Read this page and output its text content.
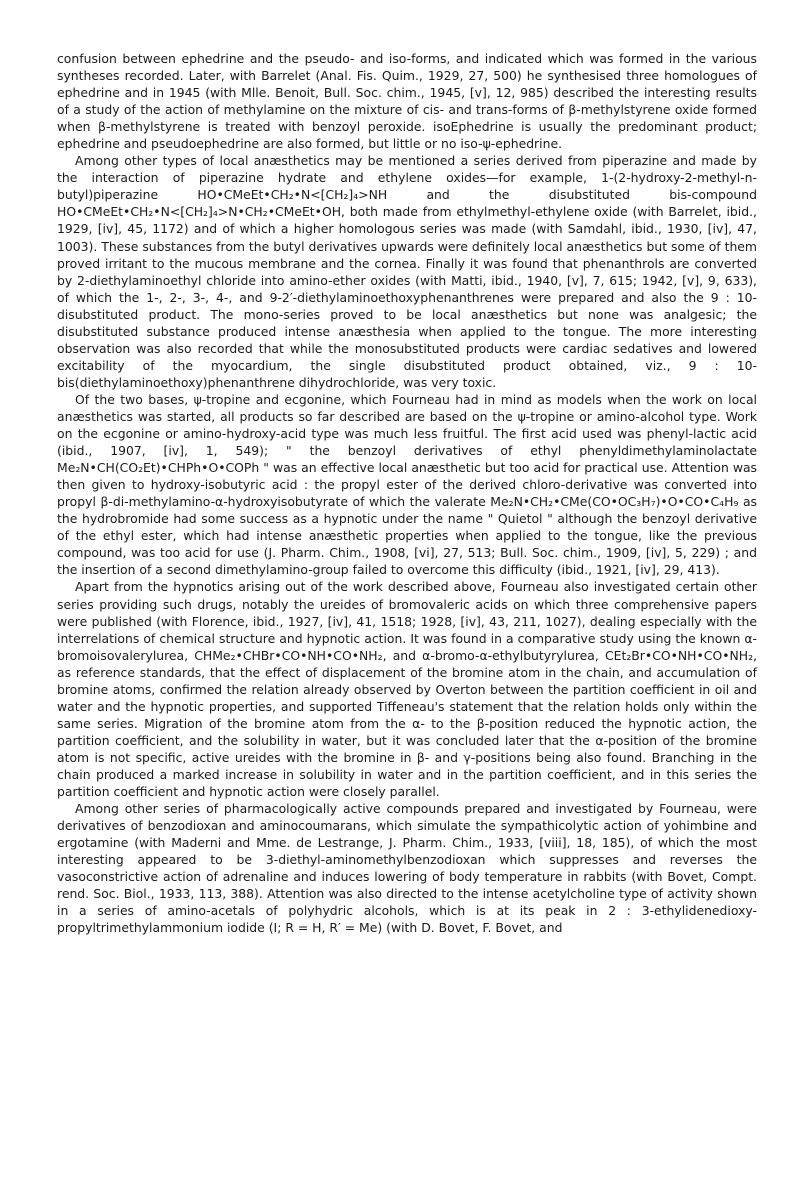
confusion between ephedrine and the pseudo- and iso-forms, and indicated which was formed in the various syntheses recorded. Later, with Barrelet (Anal. Fis. Quim., 1929, 27, 500) he synthesised three homologues of ephedrine and in 1945 (with Mlle. Benoit, Bull. Soc. chim., 1945, [v], 12, 985) described the interesting results of a study of the action of methylamine on the mixture of cis- and trans-forms of β-methylstyrene oxide formed when β-methylstyrene is treated with benzoyl peroxide. isoEphedrine is usually the predominant product; ephedrine and pseudoephedrine are also formed, but little or no iso-ψ-ephedrine.

Among other types of local anæsthetics may be mentioned a series derived from piperazine and made by the interaction of piperazine hydrate and ethylene oxides—for example, 1-(2-hydroxy-2-methyl-n-butyl)piperazine HO•CMeEt•CH₂•N<[CH₂]₄>NH and the disubstituted bis-compound HO•CMeEt•CH₂•N<[CH₂]₄>N•CH₂•CMeEt•OH, both made from ethylmethyl-ethylene oxide (with Barrelet, ibid., 1929, [iv], 45, 1172) and of which a higher homologous series was made (with Samdahl, ibid., 1930, [iv], 47, 1003). These substances from the butyl derivatives upwards were definitely local anæsthetics but some of them proved irritant to the mucous membrane and the cornea. Finally it was found that phenanthrols are converted by 2-diethylaminoethyl chloride into amino-ether oxides (with Matti, ibid., 1940, [v], 7, 615; 1942, [v], 9, 633), of which the 1-, 2-, 3-, 4-, and 9-2′-diethylaminoethoxyphenanthrenes were prepared and also the 9 : 10-disubstituted product. The mono-series proved to be local anæsthetics but none was analgesic; the disubstituted substance produced intense anæsthesia when applied to the tongue. The more interesting observation was also recorded that while the monosubstituted products were cardiac sedatives and lowered excitability of the myocardium, the single disubstituted product obtained, viz., 9 : 10-bis(diethylaminoethoxy)phenanthrene dihydrochloride, was very toxic.

Of the two bases, ψ-tropine and ecgonine, which Fourneau had in mind as models when the work on local anæsthetics was started, all products so far described are based on the ψ-tropine or amino-alcohol type. Work on the ecgonine or amino-hydroxy-acid type was much less fruitful. The first acid used was phenyl-lactic acid (ibid., 1907, [iv], 1, 549); " the benzoyl derivatives of ethyl phenyldimethylaminolactate Me₂N•CH(CO₂Et)•CHPh•O•COPh " was an effective local anæsthetic but too acid for practical use. Attention was then given to hydroxy-isobutyric acid : the propyl ester of the derived chloro-derivative was converted into propyl β-di-methylamino-α-hydroxyisobutyrate of which the valerate Me₂N•CH₂•CMe(CO•OC₃H₇)•O•CO•C₄H₉ as the hydrobromide had some success as a hypnotic under the name " Quietol " although the benzoyl derivative of the ethyl ester, which had intense anæsthetic properties when applied to the tongue, like the previous compound, was too acid for use (J. Pharm. Chim., 1908, [vi], 27, 513; Bull. Soc. chim., 1909, [iv], 5, 229) ; and the insertion of a second dimethylamino-group failed to overcome this difficulty (ibid., 1921, [iv], 29, 413).

Apart from the hypnotics arising out of the work described above, Fourneau also investigated certain other series providing such drugs, notably the ureides of bromovaleric acids on which three comprehensive papers were published (with Florence, ibid., 1927, [iv], 41, 1518; 1928, [iv], 43, 211, 1027), dealing especially with the interrelations of chemical structure and hypnotic action. It was found in a comparative study using the known α-bromoisovalerylurea, CHMe₂•CHBr•CO•NH•CO•NH₂, and α-bromo-α-ethylbutyrylurea, CEt₂Br•CO•NH•CO•NH₂, as reference standards, that the effect of displacement of the bromine atom in the chain, and accumulation of bromine atoms, confirmed the relation already observed by Overton between the partition coefficient in oil and water and the hypnotic properties, and supported Tiffeneau's statement that the relation holds only within the same series. Migration of the bromine atom from the α- to the β-position reduced the hypnotic action, the partition coefficient, and the solubility in water, but it was concluded later that the α-position of the bromine atom is not specific, active ureides with the bromine in β- and γ-positions being also found. Branching in the chain produced a marked increase in solubility in water and in the partition coefficient, and in this series the partition coefficient and hypnotic action were closely parallel.

Among other series of pharmacologically active compounds prepared and investigated by Fourneau, were derivatives of benzodioxan and aminocoumarans, which simulate the sympathicolytic action of yohimbine and ergotamine (with Maderni and Mme. de Lestrange, J. Pharm. Chim., 1933, [viii], 18, 185), of which the most interesting appeared to be 3-diethyl-aminomethylbenzodioxan which suppresses and reverses the vasoconstrictive action of adrenaline and induces lowering of body temperature in rabbits (with Bovet, Compt. rend. Soc. Biol., 1933, 113, 388). Attention was also directed to the intense acetylcholine type of activity shown in a series of amino-acetals of polyhydric alcohols, which is at its peak in 2 : 3-ethylidenedioxy-propyltrimethylammonium iodide (I; R = H, R′ = Me) (with D. Bovet, F. Bovet, and
